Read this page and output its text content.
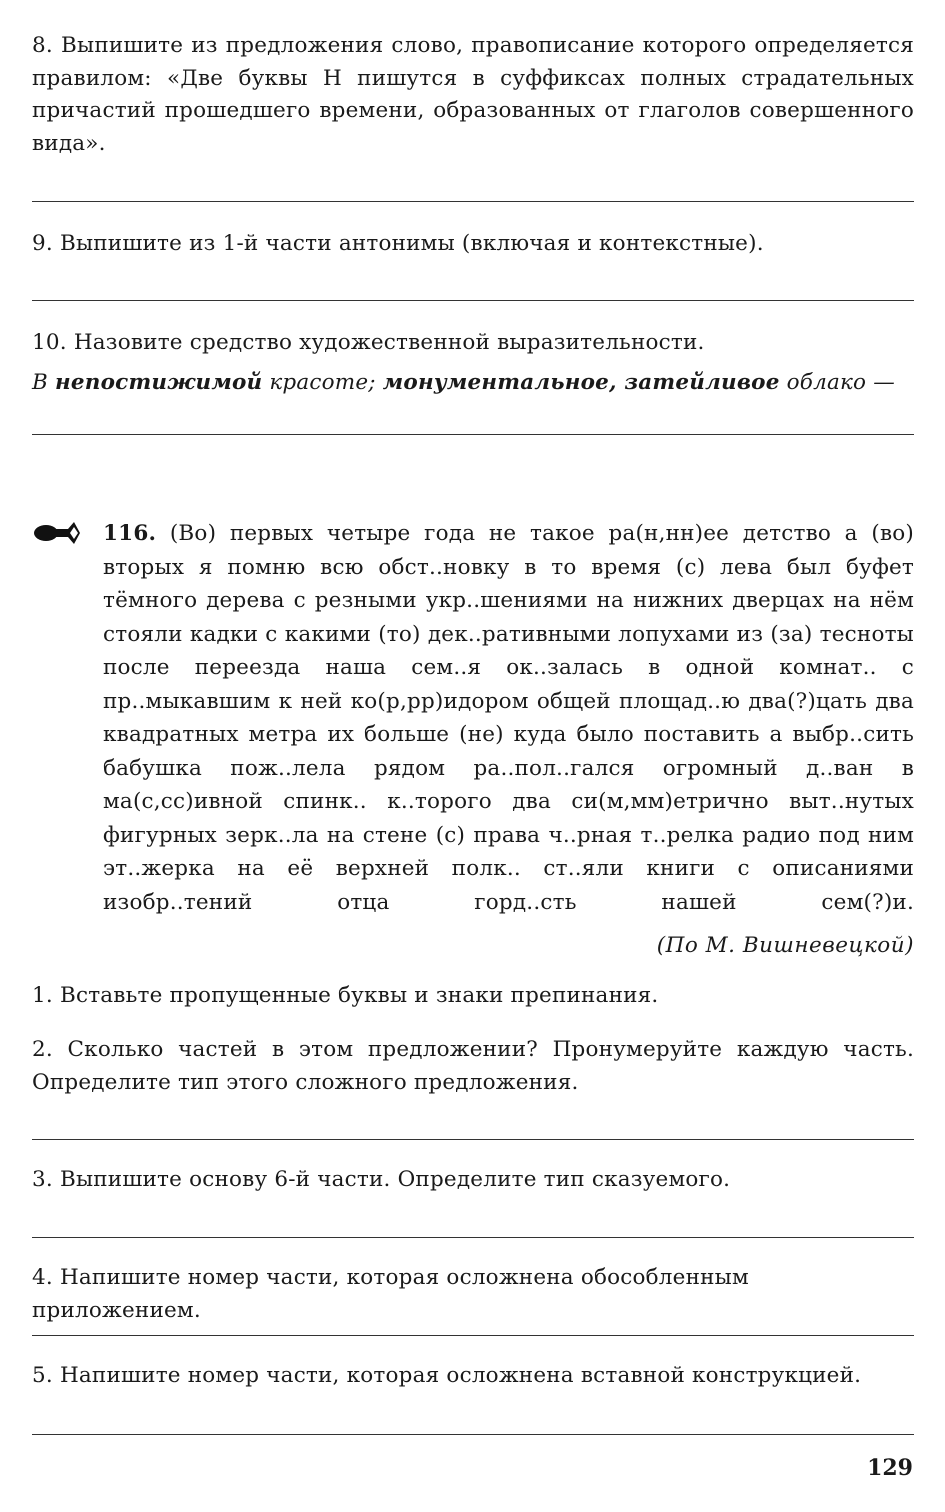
8. Выпишите из предложения слово, правописание которого определяется правилом: «Две буквы Н пишутся в суффиксах полных страдательных причастий прошедшего времени, образованных от глаголов совершенного вида».
9. Выпишите из 1-й части антонимы (включая и контекстные).
10. Назовите средство художественной выразительности.
В непостижимой красоте; монументальное, затейливое облако —
116. (Во) первых четыре года не такое ра(н,нн)ее детство а (во) вторых я помню всю обст..новку в то время (с) лева был буфет тёмного дерева с резными укр..шениями на нижних дверцах на нём стояли кадки с какими (то) дек..ративными лопухами из (за) тесноты после переезда наша сем..я ок..залась в одной комнат.. с пр..мыкавшим к ней ко(р,рр)идором общей площад..ю два(?)цать два квадратных метра их больше (не) куда было поставить а выбр..сить бабушка пож..лела рядом ра..пол..гался огромный д..ван в ма(с,сс)ивной спинк.. к..торого два си(м,мм)етрично выт..нутых фигурных зерк..ла на стене (с) права ч..рная т..релка радио под ним эт..жерка на её верхней полк.. ст..яли книги с описаниями изобр..тений отца горд..сть нашей сем(?)и.
(По М. Вишневецкой)
1. Вставьте пропущенные буквы и знаки препинания.
2. Сколько частей в этом предложении? Пронумеруйте каждую часть. Определите тип этого сложного предложения.
3. Выпишите основу 6-й части. Определите тип сказуемого.
4. Напишите номер части, которая осложнена обособленным приложением.
5. Напишите номер части, которая осложнена вставной конструкцией.
129
